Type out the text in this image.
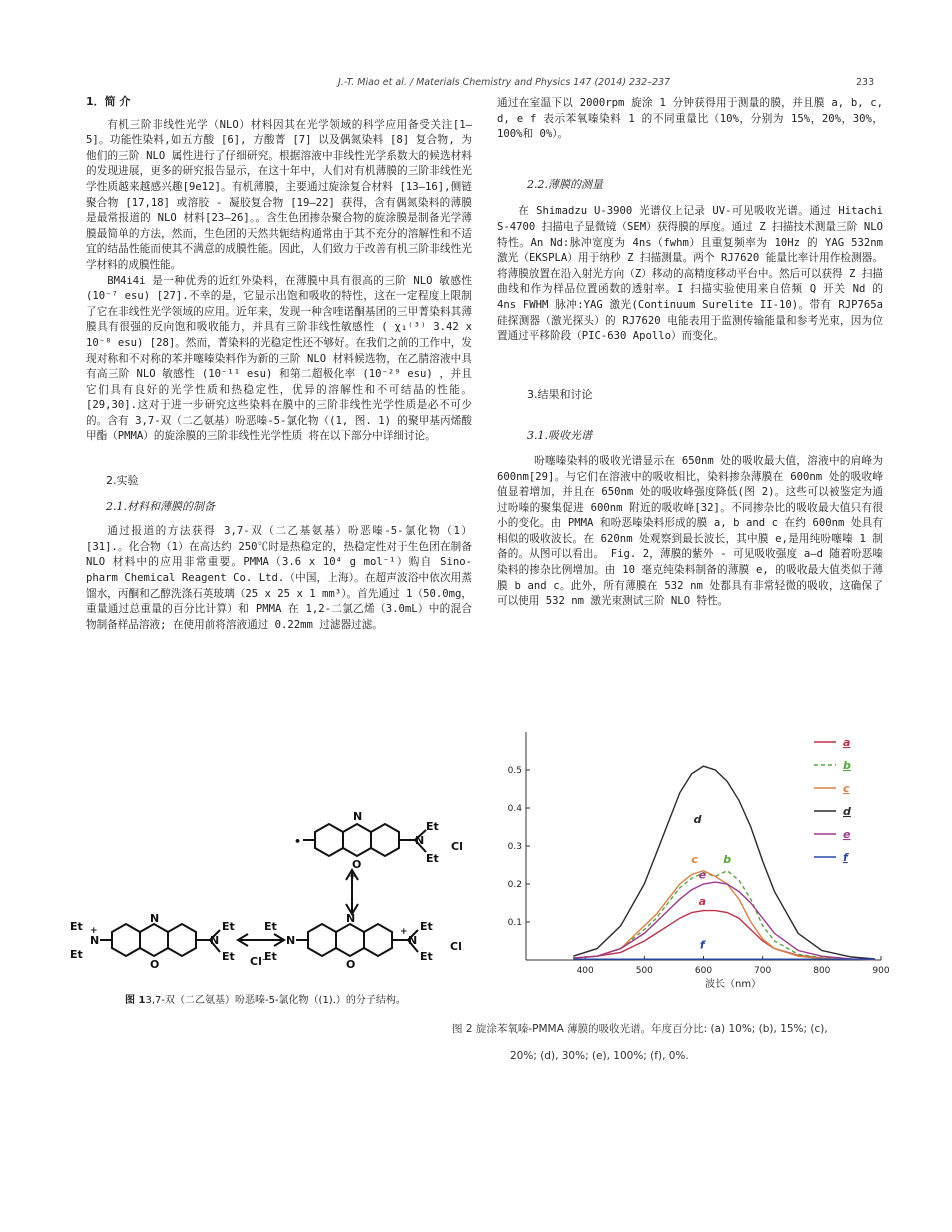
J.-T. Miao et al. / Materials Chemistry and Physics 147 (2014) 232–237	233
1．简 介

有机三阶非线性光学（NLO）材料因其在光学领域的科学应用备受关注[1—5]。功能性染料,如五方酸 [6], 方酸菁 [7] 以及偶氮染料 [8] 复合物, 为他们的三阶 NLO 属性进行了仔细研究。根据溶液中非线性光学系数大的候选材料的发现进展，更多的研究报告显示，在这十年中，人们对有机薄膜的三阶非线性光学性质越来越感兴趣[9e12]。有机薄膜，主要通过旋涂复合材料 [13—16],侧链聚合物 [17,18] 或溶胶 - 凝胶复合物 [19—22] 获得，含有偶氮染料的薄膜是最常报道的 NLO 材料[23—26]。。含生色团掺杂聚合物的旋涂膜是制备光学薄膜最简单的方法，然而，生色团的天然共轭结构通常由于其不充分的溶解性和不适宜的结晶性能而使其不满意的成膜性能。因此，人们致力于改善有机三阶非线性光学材料的成膜性能。

BM4i4i 是一种优秀的近红外染料，在薄膜中具有很高的三阶 NLO 敏感性 (10⁻⁷ esu) [27].不幸的是，它显示出饱和吸收的特性，这在一定程度上限制了它在非线性光学领域的应用。近年来，发现一种含喹诺酮基团的三甲菁染料其薄膜具有很强的反向饱和吸收能力，并具有三阶非线性敏感性 ( χ₁⁽³⁾ 3.42 x 10⁻⁸ esu) [28]。然而，菁染料的光稳定性还不够好。在我们之前的工作中，发现对称和不对称的苯并噻嗪染料作为新的三阶 NLO 材料候选物，在乙腈溶液中具有高三阶 NLO 敏感性 (10⁻¹¹ esu) 和第二超极化率 (10⁻²⁹ esu) ，并且它们具有良好的光学性质和热稳定性，优异的溶解性和不可结晶的性能。 [29,30].这对于进一步研究这些染料在膜中的三阶非线性光学性质是必不可少的。含有 3,7-双（二乙氨基）吩恶嗪-5-氯化物（(1, 图. 1) 的聚甲基丙烯酸甲酯（PMMA）的旋涂膜的三阶非线性光学性质 将在以下部分中详细讨论。

2.实验
2.1.材料和薄膜的制备

通过报道的方法获得 3,7-双（二乙基氨基）吩恶嗪-5-氯化物（1） [31].。化合物（1）在高达约 250℃时是热稳定的，热稳定性对于生色团在制备 NLO 材料中的应用非常重要。PMMA（3.6 x 10⁴ g mol⁻¹）购自 Sino-pharm Chemical Reagent Co. Ltd.（中国，上海）。在超声波浴中依次用蒸馏水，丙酮和乙醇洗涤石英玻璃（25 x 25 x 1 mm³）。首先通过 1（50.0mg，重量通过总重量的百分比计算）和 PMMA 在 1,2-二氯乙烯（3.0mL）中的混合物制备样品溶液; 在使用前将溶液通过 0.22mm 过滤器过滤。

N
O
+
•	N
Et
Et
Cl
N
O
Et
Et
N
+
N
Et
Et Cl⁻
N
O
Et
Et
N	N
+ Et
Et
Cl
图 13,7-双（二乙氨基）吩恶嗪-5-氯化物（(1).）的分子结构。

通过在室温下以 2000rpm 旋涂 1 分钟获得用于测量的膜，并且膜 a, b, c, d, e f 表示苯氧嗪染料 1 的不同重量比（10%，分别为 15%，20%，30%，100%和 0%）。

2.2.薄膜的测量

在 Shimadzu U-3900 光谱仪上记录 UV-可见吸收光谱。通过 Hitachi S-4700 扫描电子显微镜（SEM）获得膜的厚度。通过 Z 扫描技术测量三阶 NLO 特性。An Nd:脉冲宽度为 4ns（fwhm）且重复频率为 10Hz 的 YAG 532nm 激光（EKSPLA）用于纳秒 Z 扫描测量。两个 RJ7620 能量比率计用作检测器。将薄膜放置在沿入射光方向（Z）移动的高精度移动平台中。然后可以获得 Z 扫描曲线和作为样品位置函数的透射率。I 扫描实验使用来自倍频 Q 开关 Nd 的 4ns FWHM 脉冲:YAG 激光(Continuum Surelite II-10)。带有 RJP765a 硅探测器（激光探头）的 RJ7620 电能表用于监测传输能量和参考光束，因为位置通过平移阶段（PIC-630 Apollo）而变化。

3.结果和讨论
3.1.吸收光谱

吩噻嗪染料的吸收光谱显示在 650nm 处的吸收最大值，溶液中的肩峰为 600nm[29]。与它们在溶液中的吸收相比，染料掺杂薄膜在 600nm 处的吸收峰值显着增加，并且在 650nm 处的吸收峰强度降低(图 2)。这些可以被鉴定为通过吩嗪的聚集促进 600nm 附近的吸收峰[32]。不同掺杂比的吸收最大值只有很小的变化。由 PMMA 和吩恶嗪染料形成的膜 a, b and c 在约 600nm 处具有相似的吸收波长。在 620nm 处观察到最长波长，其中膜 e,是用纯吩噻嗪 1 制备的。从图可以看出。 Fig. 2，薄膜的紫外 - 可见吸收强度 a—d 随着吩恶嗪染料的掺杂比例增加。由 10 毫克纯染料制备的薄膜 e, 的吸收最大值类似于薄膜 b and c。此外，所有薄膜在 532 nm 处都具有非常轻微的吸收，这确保了可以使用 532 nm 激光束测试三阶 NLO 特性。

400	500	600	700	800	900
0.1
0.2
0.3
0.4
0.5
波长（nm）
a
b
c
d
e
f
a
b
c
d
e
f
图 2 旋涂苯氧嗪-PMMA 薄膜的吸收光谱。年度百分比: (a) 10%; (b), 15%; (c),
20%; (d), 30%; (e), 100%; (f), 0%.
